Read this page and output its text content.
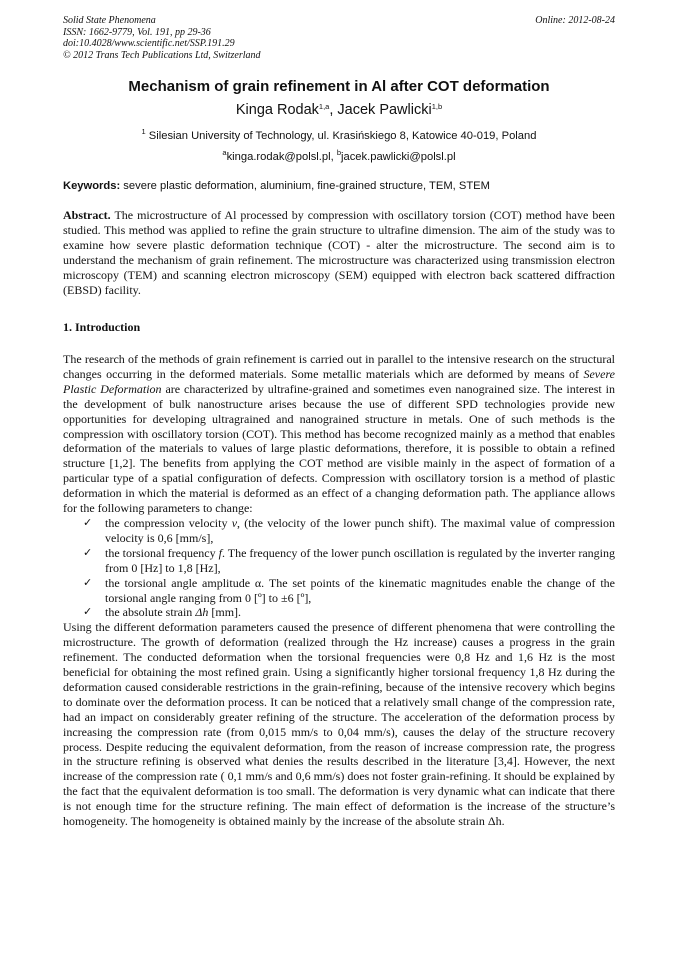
Solid State Phenomena
ISSN: 1662-9779, Vol. 191, pp 29-36
doi:10.4028/www.scientific.net/SSP.191.29
© 2012 Trans Tech Publications Ltd, Switzerland
Online: 2012-08-24
Mechanism of grain refinement in Al after COT deformation
Kinga Rodak$^{1,a}$, Jacek Pawlicki$^{1,b}$
$^1$ Silesian University of Technology, ul. Krasińskiego 8, Katowice 40-019, Poland
$^a$kinga.rodak@polsl.pl, $^b$jacek.pawlicki@polsl.pl
Keywords: severe plastic deformation, aluminium, fine-grained structure, TEM, STEM

Abstract. The microstructure of Al processed by compression with oscillatory torsion (COT) method have been studied. This method was applied to refine the grain structure to ultrafine dimension. The aim of the study was to examine how severe plastic deformation technique (COT) - alter the microstructure. The second aim is to understand the mechanism of grain refinement. The microstructure was characterized using transmission electron microscopy (TEM) and scanning electron microscopy (SEM) equipped with electron back scattered diffraction (EBSD) facility.

1. Introduction

The research of the methods of grain refinement is carried out in parallel to the intensive research on the structural changes occurring in the deformed materials. Some metallic materials which are deformed by means of Severe Plastic Deformation are characterized by ultrafine-grained and sometimes even nanograined size. The interest in the development of bulk nanostructure arises because the use of different SPD technologies provide new opportunities for developing ultragrained and nanograined structure in metals. One of such methods is the compression with oscillatory torsion (COT). This method has become recognized mainly as a method that enables deformation of the materials to values of large plastic deformations, therefore, it is possible to obtain a refined structure [1,2]. The benefits from applying the COT method are visible mainly in the aspect of formation of a particular type of a spatial configuration of defects. Compression with oscillatory torsion is a method of plastic deformation in which the material is deformed as an effect of a changing deformation path. The appliance allows for the following parameters to change:

✓ the compression velocity v, (the velocity of the lower punch shift). The maximal value of compression velocity is 0,6 [mm/s],
✓ the torsional frequency f. The frequency of the lower punch oscillation is regulated by the inverter ranging from 0 [Hz] to 1,8 [Hz],
✓ the torsional angle amplitude α. The set points of the kinematic magnitudes enable the change of the torsional angle ranging from 0 [º] to ±6 [º],
✓ the absolute strain Δh [mm].

Using the different deformation parameters caused the presence of different phenomena that were controlling the microstructure. The growth of deformation (realized through the Hz increase) causes a progress in the grain refinement. The conducted deformation when the torsional frequencies were 0,8 Hz and 1,6 Hz is the most beneficial for obtaining the most refined grain. Using a significantly higher torsional frequency 1,8 Hz during the deformation caused considerable restrictions in the grain-refining, because of the intensive recovery which begins to dominate over the deformation process. It can be noticed that a relatively small change of the compression rate, had an impact on considerably greater refining of the structure. The acceleration of the deformation process by increasing the compression rate (from 0,015 mm/s to 0,04 mm/s), causes the delay of the structure recovery process. Despite reducing the equivalent deformation, from the reason of increase compression rate, the progress in the structure refining is observed what denies the results described in the literature [3,4]. However, the next increase of the compression rate ( 0,1 mm/s and 0,6 mm/s) does not foster grain-refining. It should be explained by the fact that the equivalent deformation is too small. The deformation is very dynamic what can indicate that there is not enough time for the structure refining. The main effect of deformation is the increase of the structure’s homogeneity. The homogeneity is obtained mainly by the increase of the absolute strain Δh.
